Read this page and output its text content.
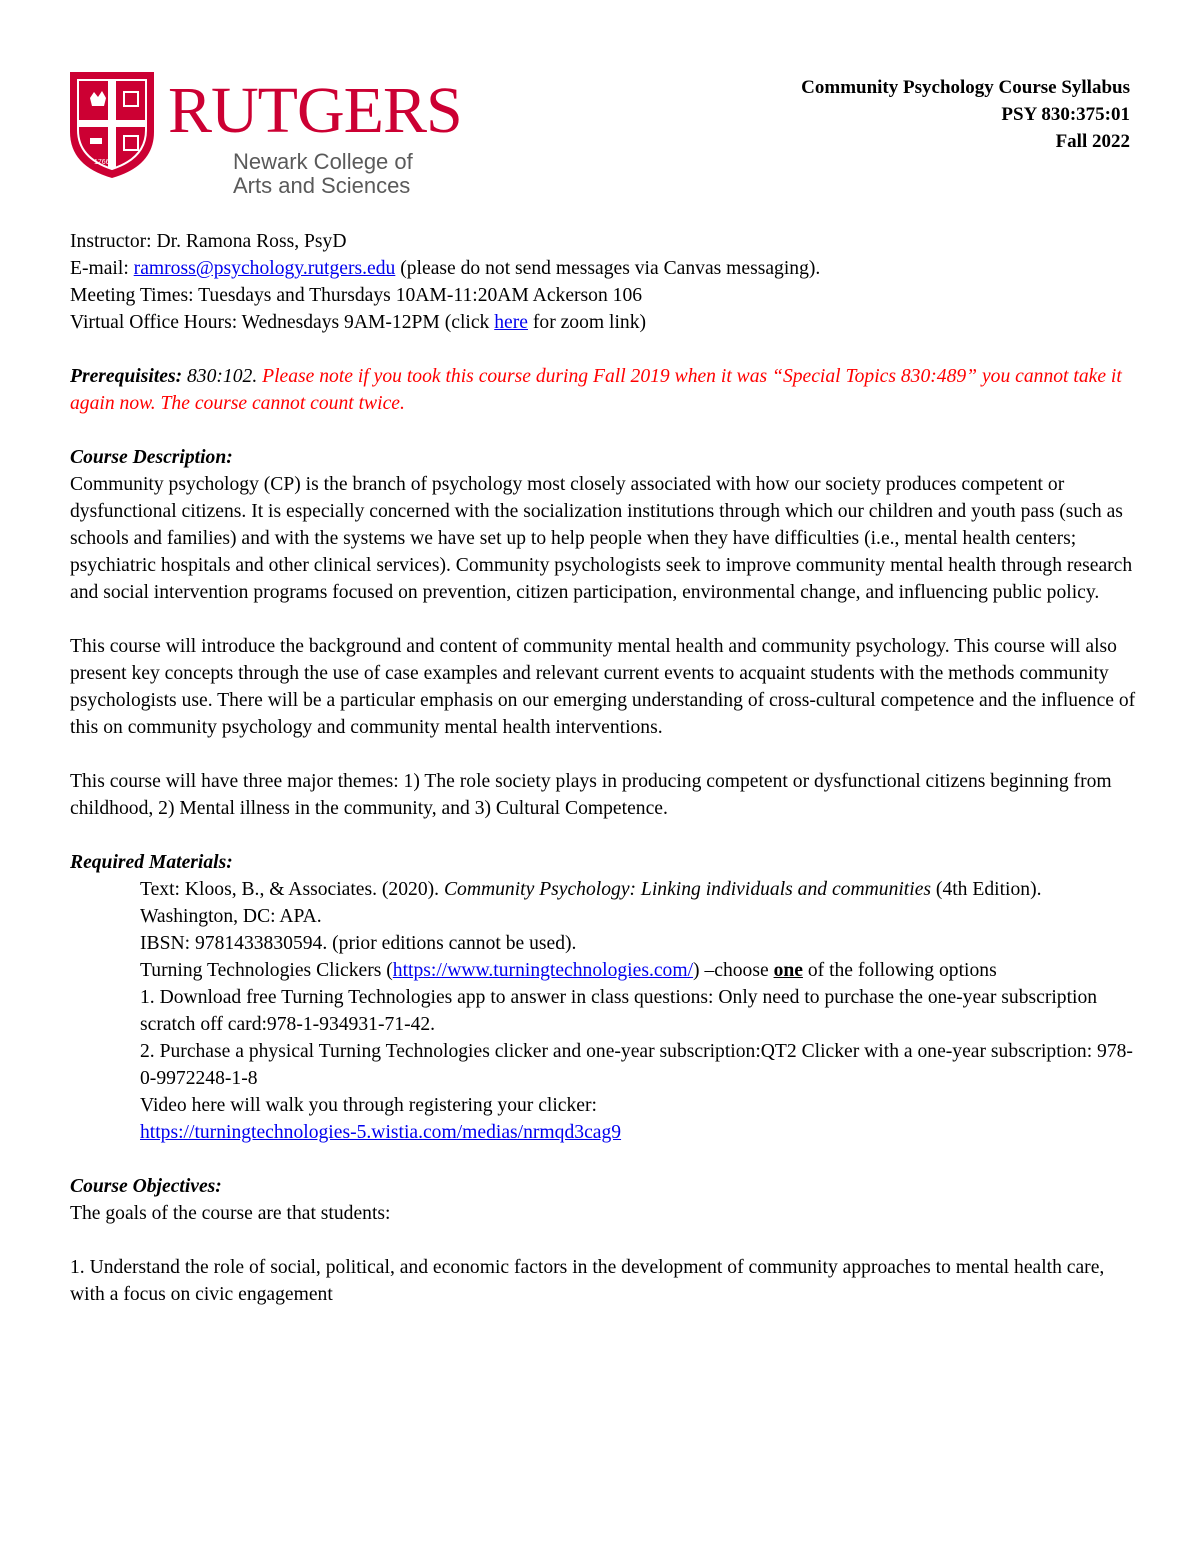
1766
RUTGERS
Newark College of
Arts and Sciences
Community Psychology Course Syllabus
PSY 830:375:01
Fall 2022

Instructor: Dr. Ramona Ross, PsyD

E-mail: ramross@psychology.rutgers.edu (please do not send messages via Canvas messaging).

Meeting Times: Tuesdays and Thursdays 10AM-11:20AM Ackerson 106

Virtual Office Hours: Wednesdays 9AM-12PM (click here for zoom link)

Prerequisites: 830:102. Please note if you took this course during Fall 2019 when it was “Special Topics 830:489” you cannot take it again now. The course cannot count twice.

Course Description:

Community psychology (CP) is the branch of psychology most closely associated with how our society produces competent or dysfunctional citizens. It is especially concerned with the socialization institutions through which our children and youth pass (such as schools and families) and with the systems we have set up to help people when they have difficulties (i.e., mental health centers; psychiatric hospitals and other clinical services). Community psychologists seek to improve community mental health through research and social intervention programs focused on prevention, citizen participation, environmental change, and influencing public policy.

This course will introduce the background and content of community mental health and community psychology. This course will also present key concepts through the use of case examples and relevant current events to acquaint students with the methods community psychologists use. There will be a particular emphasis on our emerging understanding of cross-cultural competence and the influence of this on community psychology and community mental health interventions.

This course will have three major themes: 1) The role society plays in producing competent or dysfunctional citizens beginning from childhood, 2) Mental illness in the community, and 3) Cultural Competence.

Required Materials:

Text: Kloos, B., & Associates. (2020). Community Psychology: Linking individuals and communities (4th Edition). Washington, DC: APA.

IBSN: 9781433830594. (prior editions cannot be used).

Turning Technologies Clickers (https://www.turningtechnologies.com/) –choose one of the following options

1. Download free Turning Technologies app to answer in class questions: Only need to purchase the one-year subscription scratch off card:978-1-934931-71-42.

2. Purchase a physical Turning Technologies clicker and one-year subscription:QT2 Clicker with a one-year subscription: 978-0-9972248-1-8

Video here will walk you through registering your clicker:

https://turningtechnologies-5.wistia.com/medias/nrmqd3cag9

Course Objectives:

The goals of the course are that students:

1. Understand the role of social, political, and economic factors in the development of community approaches to mental health care, with a focus on civic engagement
